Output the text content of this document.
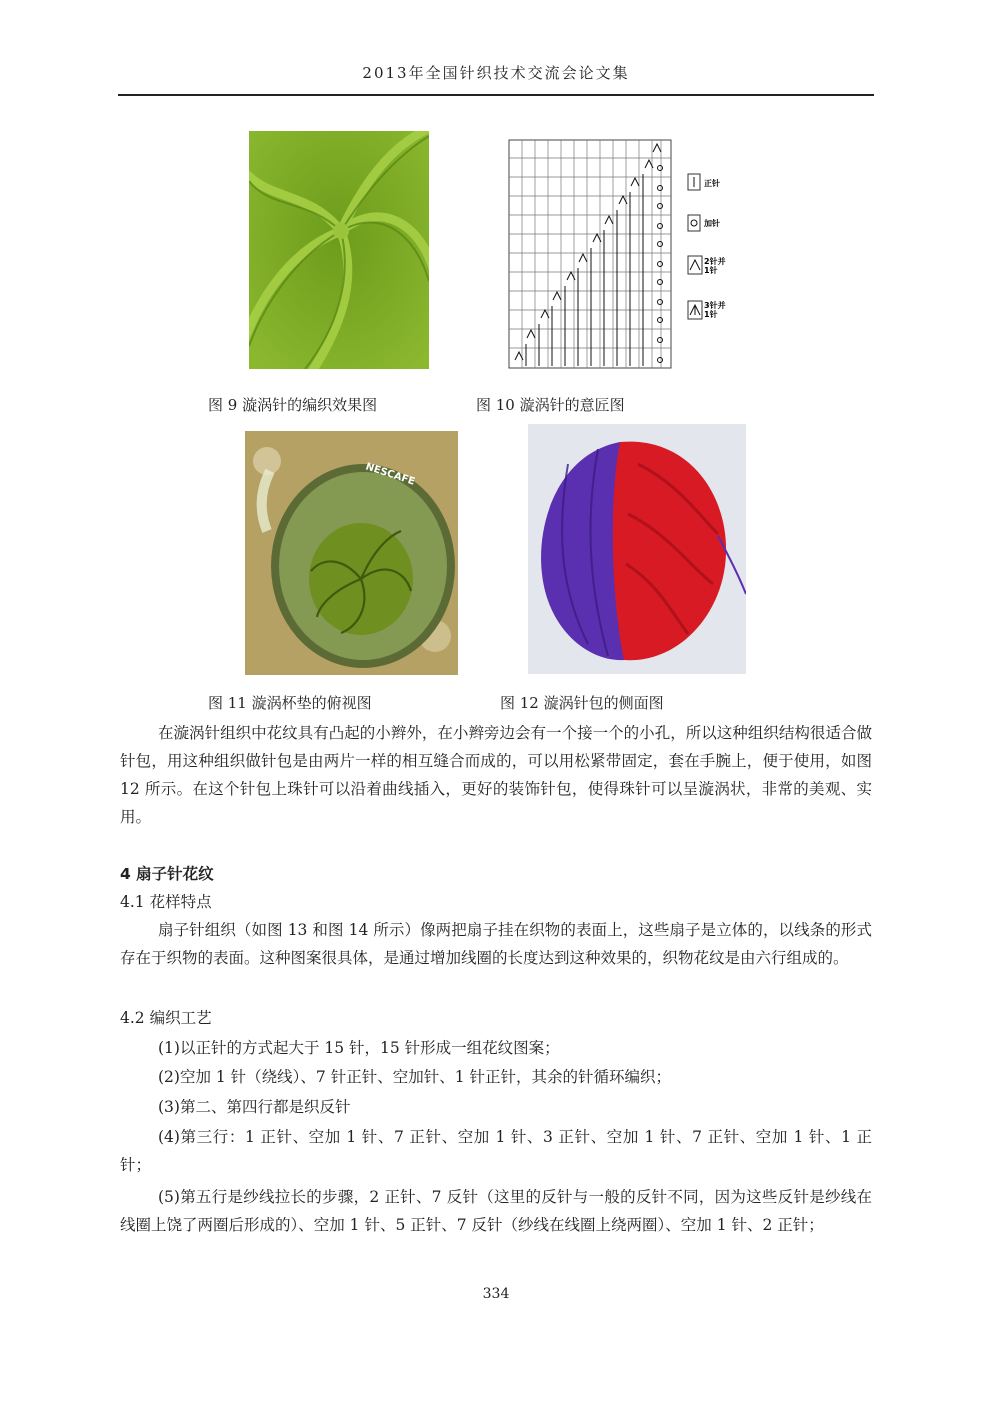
2013年全国针织技术交流会论文集
正针
加针
2针并
1针
3针并
1针
图 9 漩涡针的编织效果图	图 10 漩涡针的意匠图
NESCAFE
图 11 漩涡杯垫的俯视图	图 12 漩涡针包的侧面图

在漩涡针组织中花纹具有凸起的小辫外，在小辫旁边会有一个接一个的小孔，所以这种组织结构很适合做针包，用这种组织做针包是由两片一样的相互缝合而成的，可以用松紧带固定，套在手腕上，便于使用，如图 12 所示。在这个针包上珠针可以沿着曲线插入，更好的装饰针包，使得珠针可以呈漩涡状，非常的美观、实用。

4 扇子针花纹
4.1 花样特点

扇子针组织（如图 13 和图 14 所示）像两把扇子挂在织物的表面上，这些扇子是立体的，以线条的形式存在于织物的表面。这种图案很具体，是通过增加线圈的长度达到这种效果的，织物花纹是由六行组成的。

4.2 编织工艺
(1)以正针的方式起大于 15 针，15 针形成一组花纹图案；
(2)空加 1 针（绕线）、7 针正针、空加针、1 针正针，其余的针循环编织；
(3)第二、第四行都是织反针

(4)第三行：1 正针、空加 1 针、7 正针、空加 1 针、3 正针、空加 1 针、7 正针、空加 1 针、1 正针；

(5)第五行是纱线拉长的步骤，2 正针、7 反针（这里的反针与一般的反针不同，因为这些反针是纱线在线圈上饶了两圈后形成的）、空加 1 针、5 正针、7 反针（纱线在线圈上绕两圈）、空加 1 针、2 正针；

334
